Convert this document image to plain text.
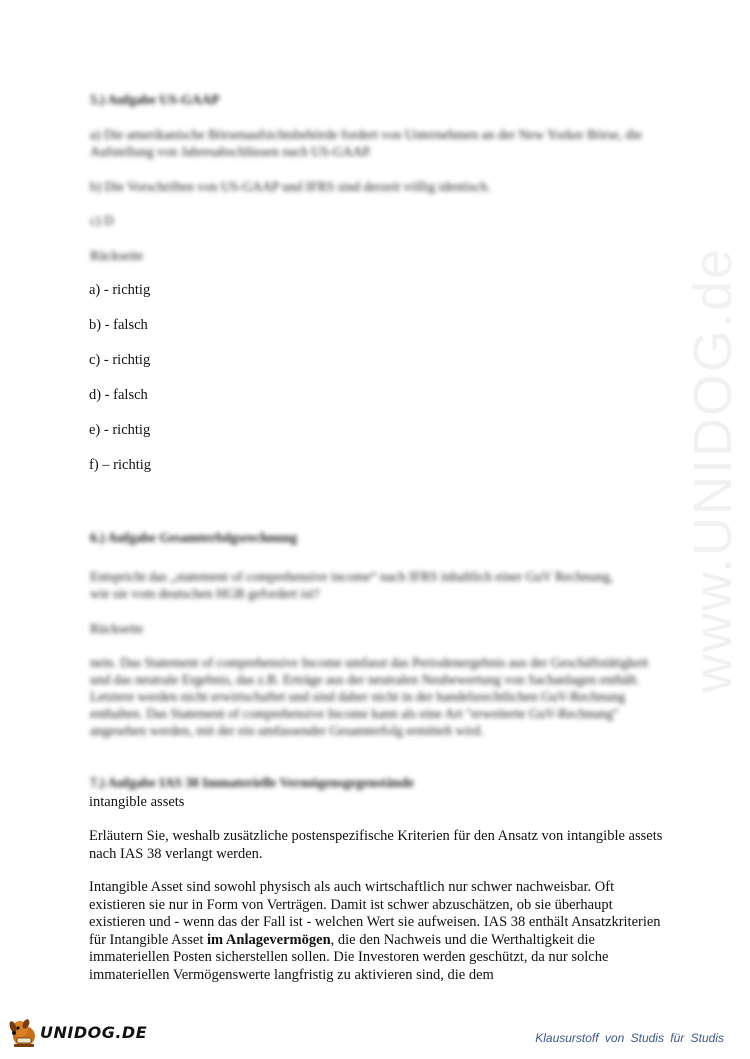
www.UNIDOG.de
5.) Aufgabe US-GAAP
a) Die amerikanische Börsenaufsichtsbehörde fordert von Unternehmen an der New Yorker Börse, die Aufstellung von Jahresabschlüssen nach US-GAAP.
b) Die Vorschriften von US-GAAP und IFRS sind derzeit völlig identisch.
c) D
Rückseite
a) - richtig
b) - falsch
c) - richtig
d) - falsch
e) - richtig
f) – richtig
6.) Aufgabe Gesamterfolgsrechnung
Entspricht das „statement of comprehensive income“ nach IFRS inhaltlich einer GuV Rechnung, wie sie vom deutschen HGB gefordert ist?
Rückseite
nein. Das Statement of comprehensive Income umfasst das Periodenergebnis aus der Geschäftstätigkeit und das neutrale Ergebnis, das z.B. Erträge aus der neutralen Neubewertung von Sachanlagen enthält. Letztere werden nicht erwirtschaftet und sind daher nicht in der handelsrechtlichen GuV-Rechnung enthalten. Das Statement of comprehensive Income kann als eine Art "erweiterte GuV-Rechnung" angesehen werden, mit der ein umfassender Gesamterfolg ermittelt wird.
7.) Aufgabe IAS 38 Immaterielle Vermögensgegenstände
intangible assets
Erläutern Sie, weshalb zusätzliche postenspezifische Kriterien für den Ansatz von intangible assets nach IAS 38 verlangt werden.
Intangible Asset sind sowohl physisch als auch wirtschaftlich nur schwer nachweisbar. Oft existieren sie nur in Form von Verträgen. Damit ist schwer abzuschätzen, ob sie überhaupt existieren und - wenn das der Fall ist - welchen Wert sie aufweisen. IAS 38 enthält Ansatzkriterien für Intangible Asset im Anlagevermögen, die den Nachweis und die Werthaltigkeit die immateriellen Posten sicherstellen sollen. Die Investoren werden geschützt, da nur solche immateriellen Vermögenswerte langfristig zu aktivieren sind, die dem
UNIDOG.DE	Klausurstoff von Studis für Studis
